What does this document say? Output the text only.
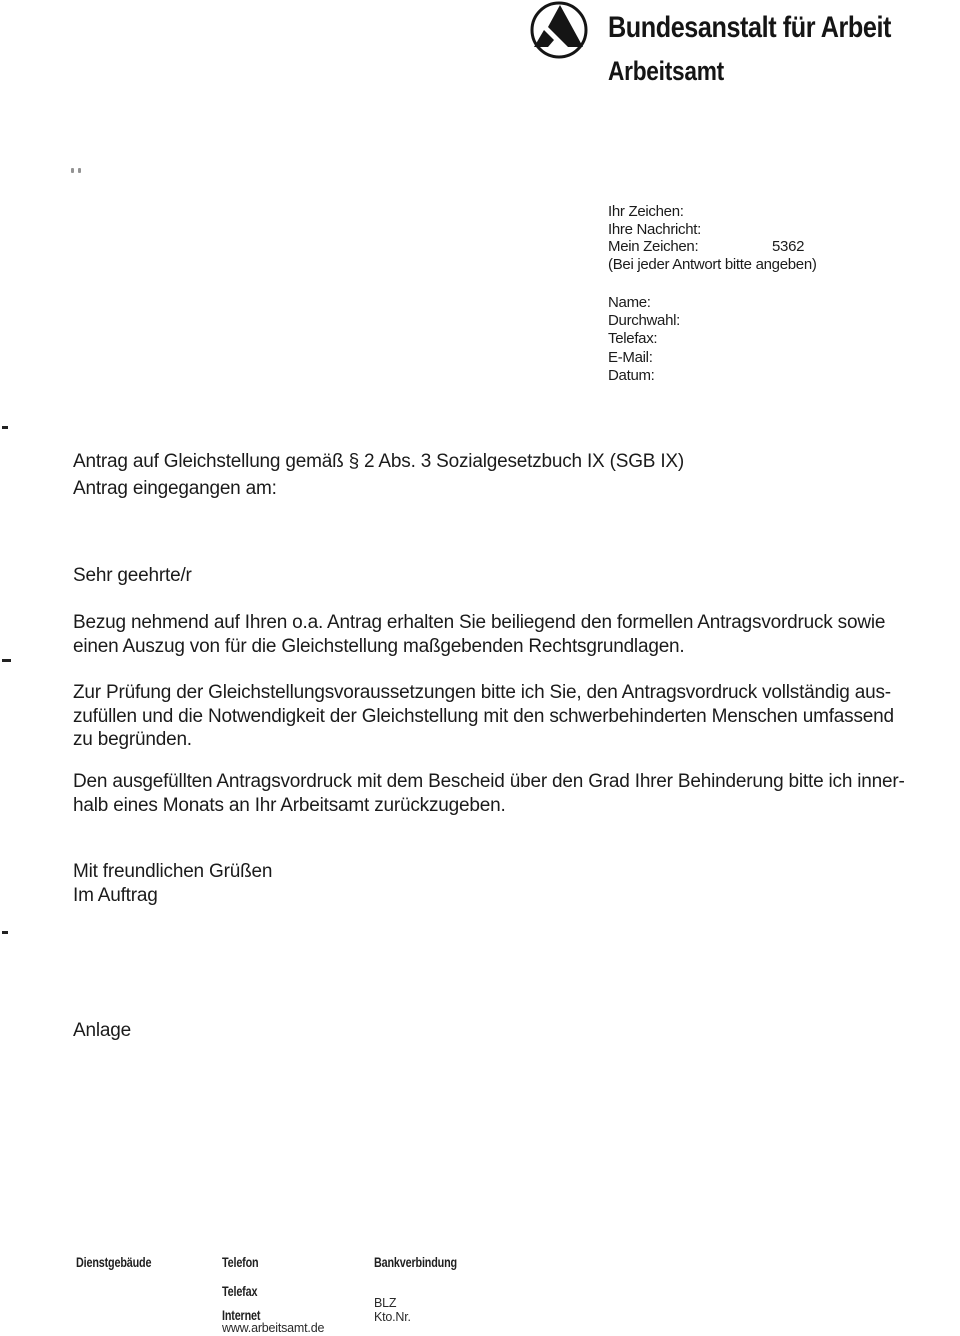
Bundesanstalt für Arbeit
Arbeitsamt
Ihr Zeichen:
Ihre Nachricht:
Mein Zeichen:	5362
(Bei jeder Antwort bitte angeben)
Name:
Durchwahl:
Telefax:
E-Mail:
Datum:
Antrag auf Gleichstellung gemäß § 2 Abs. 3 Sozialgesetzbuch IX (SGB IX)
Antrag eingegangen am:
Sehr geehrte/r
Bezug nehmend auf Ihren o.a. Antrag erhalten Sie beiliegend den formellen Antragsvordruck sowie
einen Auszug von für die Gleichstellung maßgebenden Rechtsgrundlagen.
Zur Prüfung der Gleichstellungsvoraussetzungen bitte ich Sie, den Antragsvordruck vollständig aus-
zufüllen und die Notwendigkeit der Gleichstellung mit den schwerbehinderten Menschen umfassend
zu begründen.
Den ausgefüllten Antragsvordruck mit dem Bescheid über den Grad Ihrer Behinderung bitte ich inner-
halb eines Monats an Ihr Arbeitsamt zurückzugeben.
Mit freundlichen Grüßen
Im Auftrag
Anlage
Dienstgebäude	Telefon
Telefax
Internet
www.arbeitsamt.de
Bankverbindung
BLZ
Kto.Nr.
